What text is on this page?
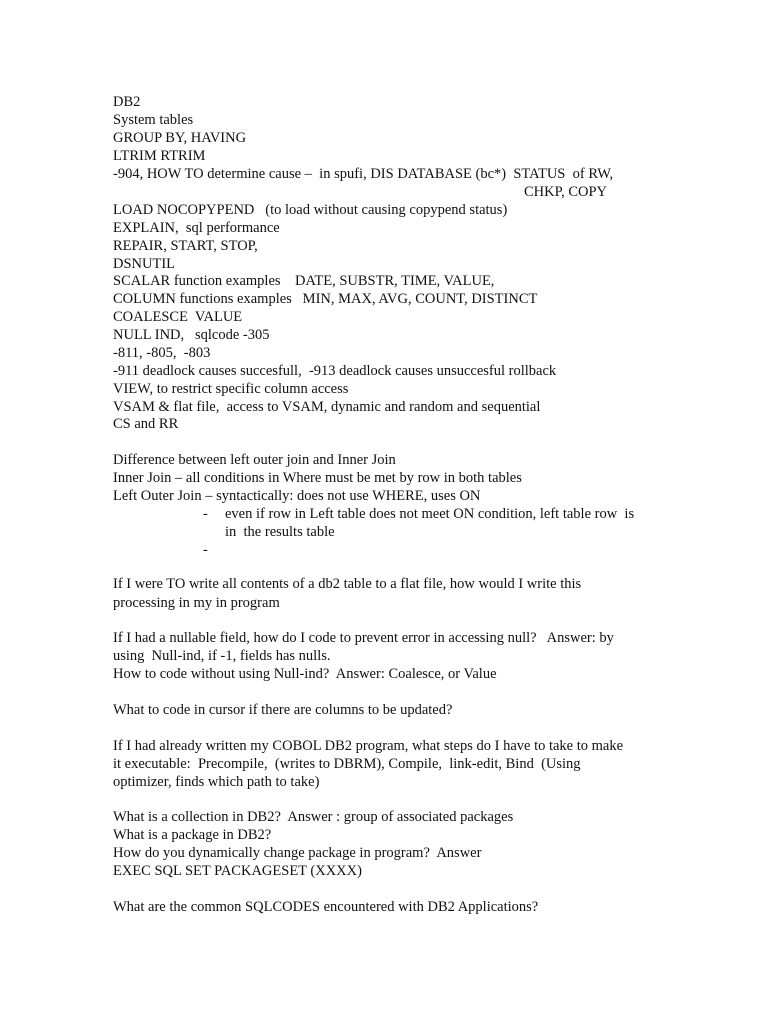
DB2
System tables
GROUP BY, HAVING
LTRIM RTRIM
-904, HOW TO determine cause –  in spufi, DIS DATABASE (bc*)  STATUS  of RW,
CHKP, COPY
LOAD NOCOPYPEND   (to load without causing copypend status)
EXPLAIN,  sql performance
REPAIR, START, STOP,
DSNUTIL
SCALAR function examples    DATE, SUBSTR, TIME, VALUE,
COLUMN functions examples   MIN, MAX, AVG, COUNT, DISTINCT
COALESCE  VALUE
NULL IND,   sqlcode -305
-811, -805,  -803
-911 deadlock causes succesfull,  -913 deadlock causes unsuccesful rollback
VIEW, to restrict specific column access
VSAM & flat file,  access to VSAM, dynamic and random and sequential
CS and RR
Difference between left outer join and Inner Join
Inner Join – all conditions in Where must be met by row in both tables
Left Outer Join – syntactically: does not use WHERE, uses ON
- even if row in Left table does not meet ON condition, left table row  is
in  the results table
-
If I were TO write all contents of a db2 table to a flat file, how would I write this
processing in my in program
If I had a nullable field, how do I code to prevent error in accessing null?   Answer: by
using  Null-ind, if -1, fields has nulls.
How to code without using Null-ind?  Answer: Coalesce, or Value
What to code in cursor if there are columns to be updated?
If I had already written my COBOL DB2 program, what steps do I have to take to make
it executable:  Precompile,  (writes to DBRM), Compile,  link-edit, Bind  (Using
optimizer, finds which path to take)
What is a collection in DB2?  Answer : group of associated packages
What is a package in DB2?
How do you dynamically change package in program?  Answer
EXEC SQL SET PACKAGESET (XXXX)
What are the common SQLCODES encountered with DB2 Applications?
